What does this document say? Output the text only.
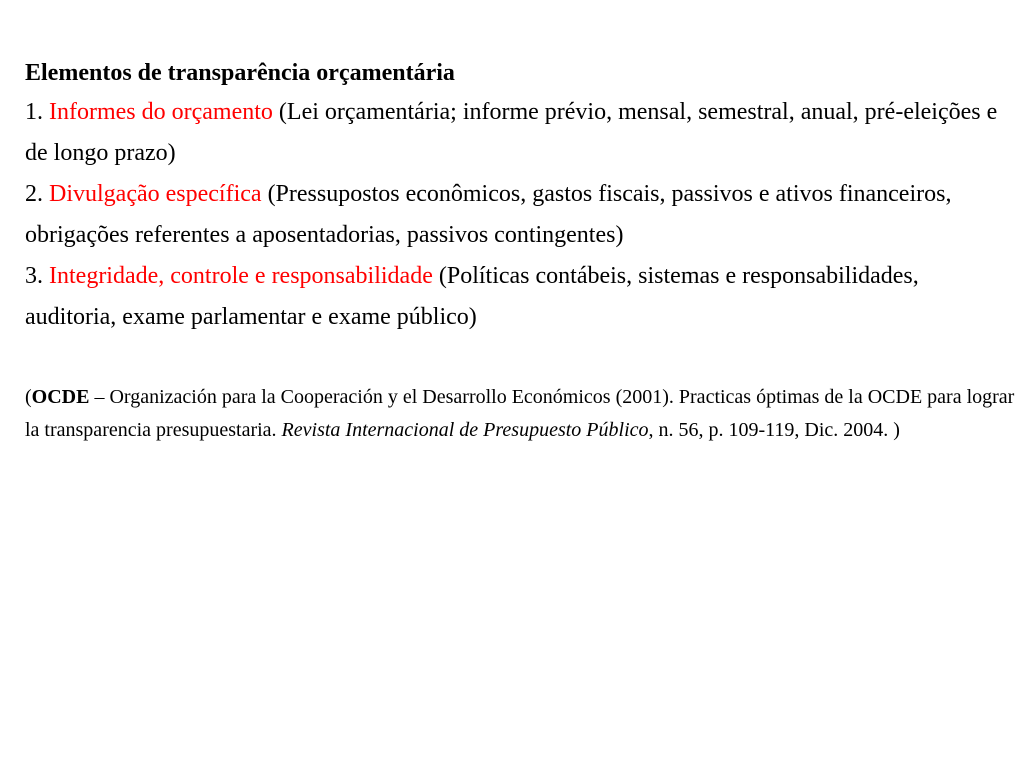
Elementos de transparência orçamentária

1. Informes do orçamento (Lei orçamentária; informe prévio, mensal, semestral, anual, pré-eleições e de longo prazo)

2. Divulgação específica (Pressupostos econômicos, gastos fiscais, passivos e ativos financeiros, obrigações referentes a aposentadorias, passivos contingentes)

3. Integridade, controle e responsabilidade (Políticas contábeis, sistemas e responsabilidades, auditoria, exame parlamentar e exame público)

(OCDE – Organización para la Cooperación y el Desarrollo Económicos (2001). Practicas óptimas de la OCDE para lograr la transparencia presupuestaria. Revista Internacional de Presupuesto Público, n. 56, p. 109-119, Dic. 2004. )
